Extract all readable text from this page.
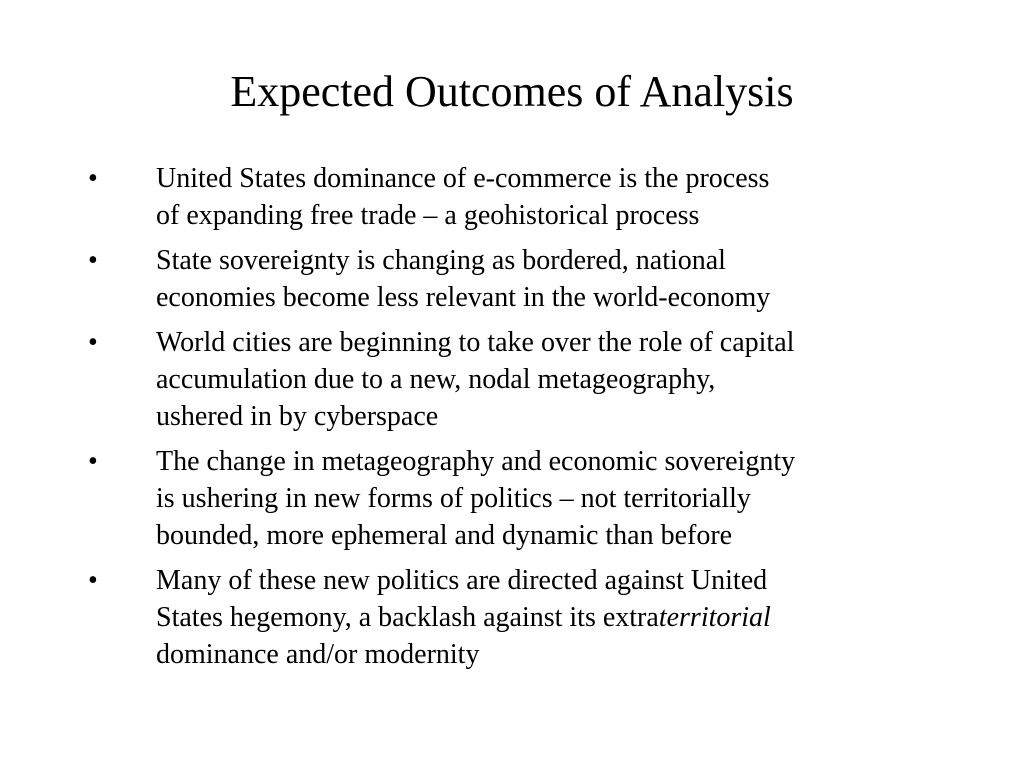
Expected Outcomes of Analysis
• United States dominance of e-commerce is the process
of expanding free trade – a geohistorical process
• State sovereignty is changing as bordered, national
economies become less relevant in the world-economy
• World cities are beginning to take over the role of capital
accumulation due to a new, nodal metageography,
ushered in by cyberspace
• The change in metageography and economic sovereignty
is ushering in new forms of politics – not territorially
bounded, more ephemeral and dynamic than before
• Many of these new politics are directed against United
States hegemony, a backlash against its extraterritorial
dominance and/or modernity
